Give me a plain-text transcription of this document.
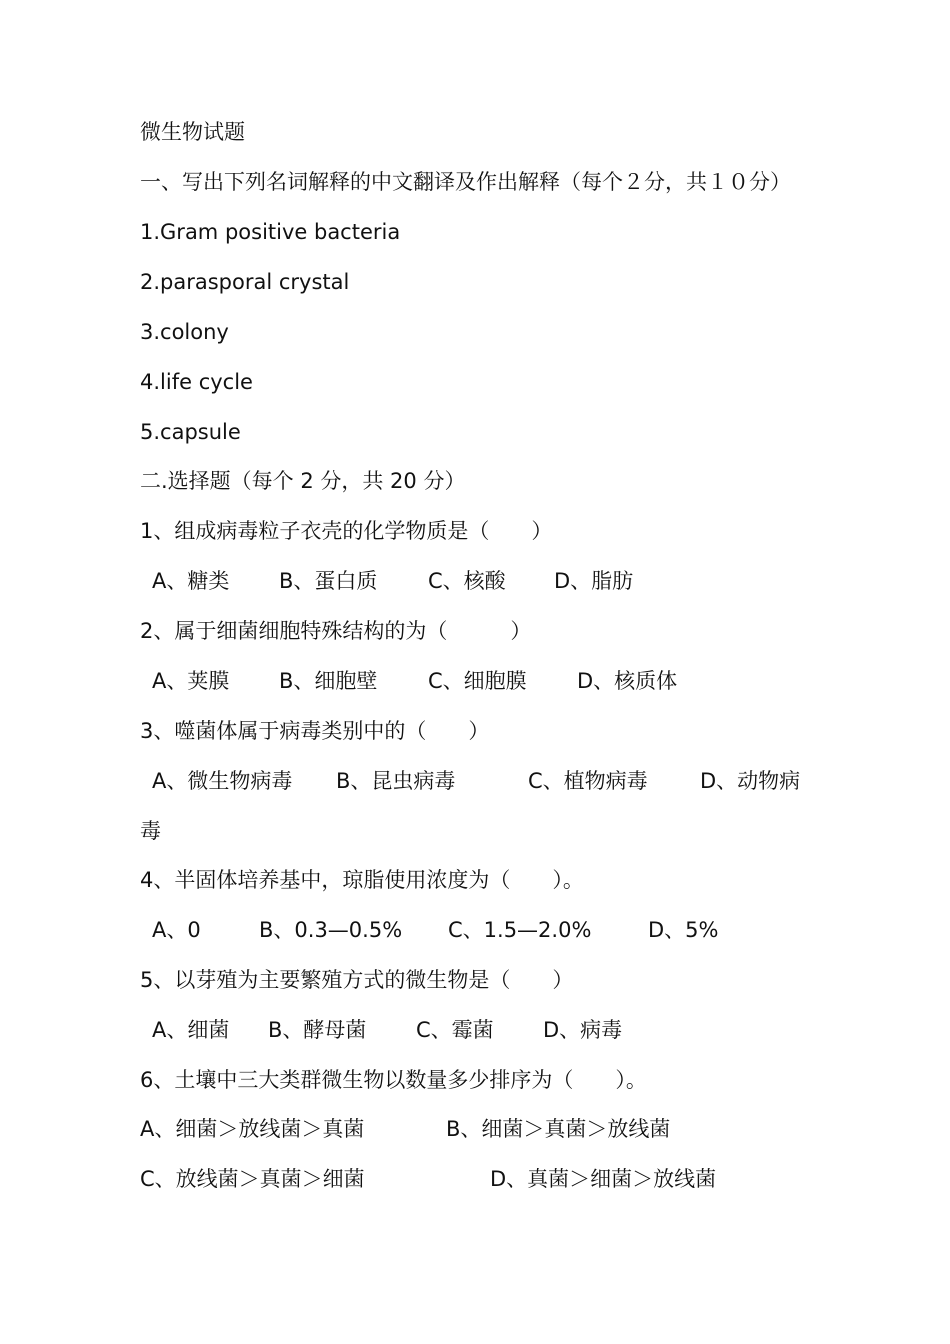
微生物试题
一、写出下列名词解释的中文翻译及作出解释（每个２分，共１０分）
1.Gram positive bacteria
2.parasporal crystal
3.colony
4.life cycle
5.capsule
二.选择题（每个 2 分，共 20 分）
1、组成病毒粒子衣壳的化学物质是（　　）
A、糖类 B、蛋白质 C、核酸 D、脂肪
2、属于细菌细胞特殊结构的为（　　　）
A、荚膜 B、细胞壁 C、细胞膜 D、核质体
3、噬菌体属于病毒类别中的（　　）
A、微生物病毒 B、昆虫病毒	C、植物病毒 D、动物病
毒
4、半固体培养基中，琼脂使用浓度为（　　）。
A、0	B、0.3—0.5% C、1.5—2.0%	D、5%
5、以芽殖为主要繁殖方式的微生物是（　　）
A、细菌 B、酵母菌 C、霉菌 D、病毒
6、土壤中三大类群微生物以数量多少排序为（　　）。
A、细菌＞放线菌＞真菌	B、细菌＞真菌＞放线菌
C、放线菌＞真菌＞细菌	D、真菌＞细菌＞放线菌
